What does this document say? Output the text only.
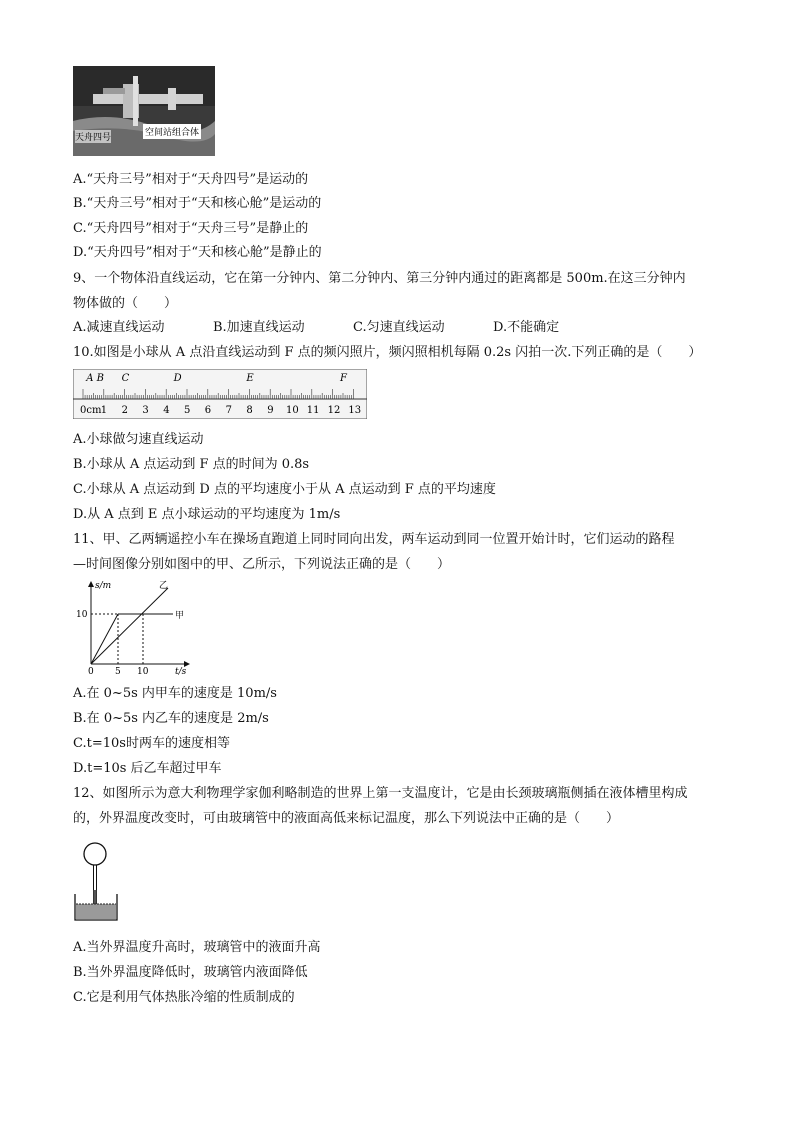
天舟四号	空间站组合体
A.“天舟三号”相对于“天舟四号”是运动的
B.“天舟三号”相对于“天和核心舱”是运动的
C.“天舟四号”相对于“天舟三号”是静止的
D.“天舟四号”相对于“天和核心舱”是静止的
9、一个物体沿直线运动，它在第一分钟内、第二分钟内、第三分钟内通过的距离都是 500m.在这三分钟内
物体做的（　　）
A.减速直线运动	B.加速直线运动	C.匀速直线运动	D.不能确定
10.如图是小球从 A 点沿直线运动到 F 点的频闪照片，频闪照相机每隔 0.2s 闪拍一次.下列正确的是（　　）
0cm 1 2 3 4 5 6 7 8 9 10 11 12 13
A B C	D	E	F
A.小球做匀速直线运动
B.小球从 A 点运动到 F 点的时间为 0.8s
C.小球从 A 点运动到 D 点的平均速度小于从 A 点运动到 F 点的平均速度
D.从 A 点到 E 点小球运动的平均速度为 1m/s
11、甲、乙两辆遥控小车在操场直跑道上同时同向出发，两车运动到同一位置开始计时，它们运动的路程
—时间图像分别如图中的甲、乙所示，下列说法正确的是（　　）
s/m
t/s
10
0 5 10
甲
乙
A.在 0~5s 内甲车的速度是 10m/s
B.在 0~5s 内乙车的速度是 2m/s
C.t=10s时两车的速度相等
D.t=10s 后乙车超过甲车
12、如图所示为意大利物理学家伽利略制造的世界上第一支温度计，它是由长颈玻璃瓶侧插在液体槽里构成
的，外界温度改变时，可由玻璃管中的液面高低来标记温度，那么下列说法中正确的是（　　）
A.当外界温度升高时，玻璃管中的液面升高
B.当外界温度降低时，玻璃管内液面降低
C.它是利用气体热胀冷缩的性质制成的
